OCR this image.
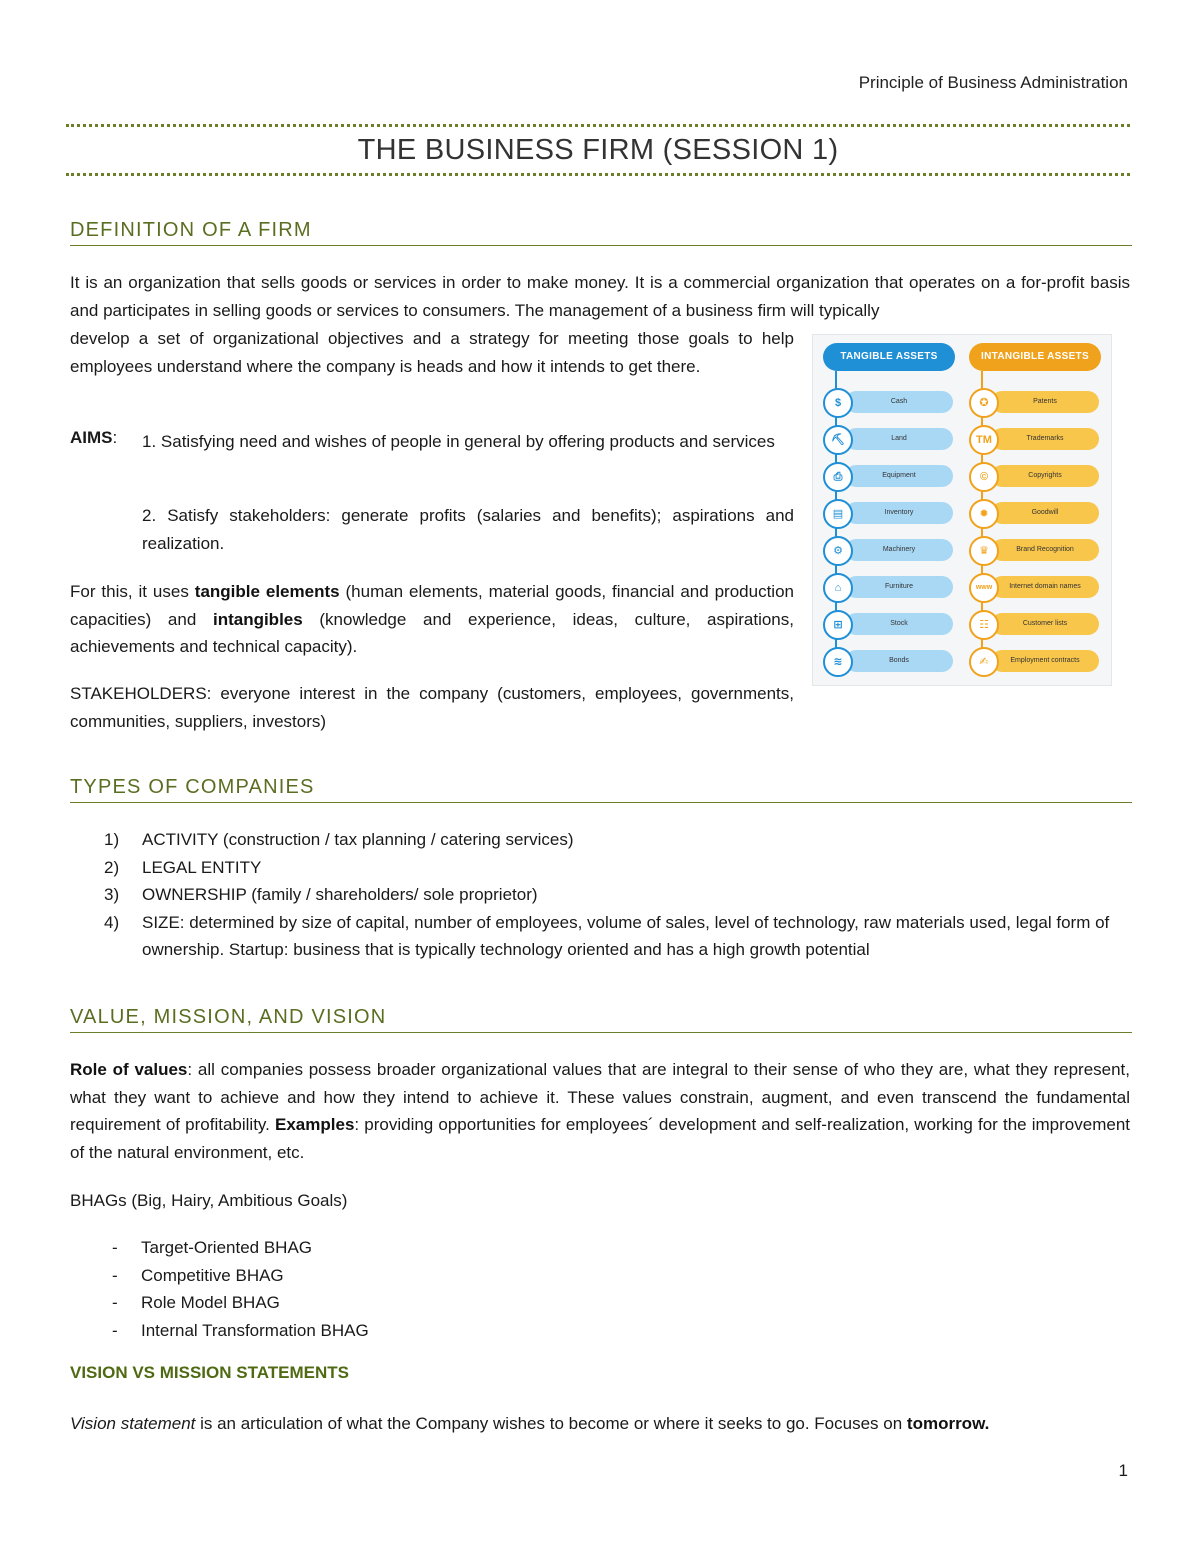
Principle of Business Administration
THE BUSINESS FIRM (SESSION 1)
DEFINITION OF A FIRM

It is an organization that sells goods or services in order to make money. It is a commercial organization that operates on a for-profit basis and participates in selling goods or services to consumers. The management of a business firm will typically

develop a set of organizational objectives and a strategy for meeting those goals to help employees understand where the company is heads and how it intends to get there.

AIMS: 1. Satisfying need and wishes of people in general by offering products and services

2. Satisfy stakeholders: generate profits (salaries and benefits); aspirations and realization.

For this, it uses tangible elements (human elements, material goods, financial and production capacities) and intangibles (knowledge and experience, ideas, culture, aspirations, achievements and technical capacity).

STAKEHOLDERS: everyone interest in the company (customers, employees, governments, communities, suppliers, investors)

TANGIBLE ASSETS	INTANGIBLE ASSETS
Cash
$
Land
⛏
Equipment
⎙
Inventory
▤
Machinery
⚙
Furniture
⌂
Stock
⊞
Bonds
≋
Patents
✪
Trademarks
TM
Copyrights
©
Goodwill
✹
Brand Recognition
♛
Internet domain names
www
Customer lists
☷
Employment contracts
✍
TYPES OF COMPANIES
1) ACTIVITY (construction / tax planning / catering services)
2) LEGAL ENTITY
3) OWNERSHIP (family / shareholders/ sole proprietor)
4) SIZE: determined by size of capital, number of employees, volume of sales, level of technology, raw materials used, legal form of ownership. Startup: business that is typically technology oriented and has a high growth potential
VALUE, MISSION, AND VISION

Role of values: all companies possess broader organizational values that are integral to their sense of who they are, what they represent, what they want to achieve and how they intend to achieve it. These values constrain, augment, and even transcend the fundamental requirement of profitability. Examples: providing opportunities for employees´ development and self-realization, working for the improvement of the natural environment, etc.

BHAGs (Big, Hairy, Ambitious Goals)

- Target-Oriented BHAG
- Competitive BHAG
- Role Model BHAG
- Internal Transformation BHAG
VISION VS MISSION STATEMENTS

Vision statement is an articulation of what the Company wishes to become or where it seeks to go. Focuses on tomorrow.

1
